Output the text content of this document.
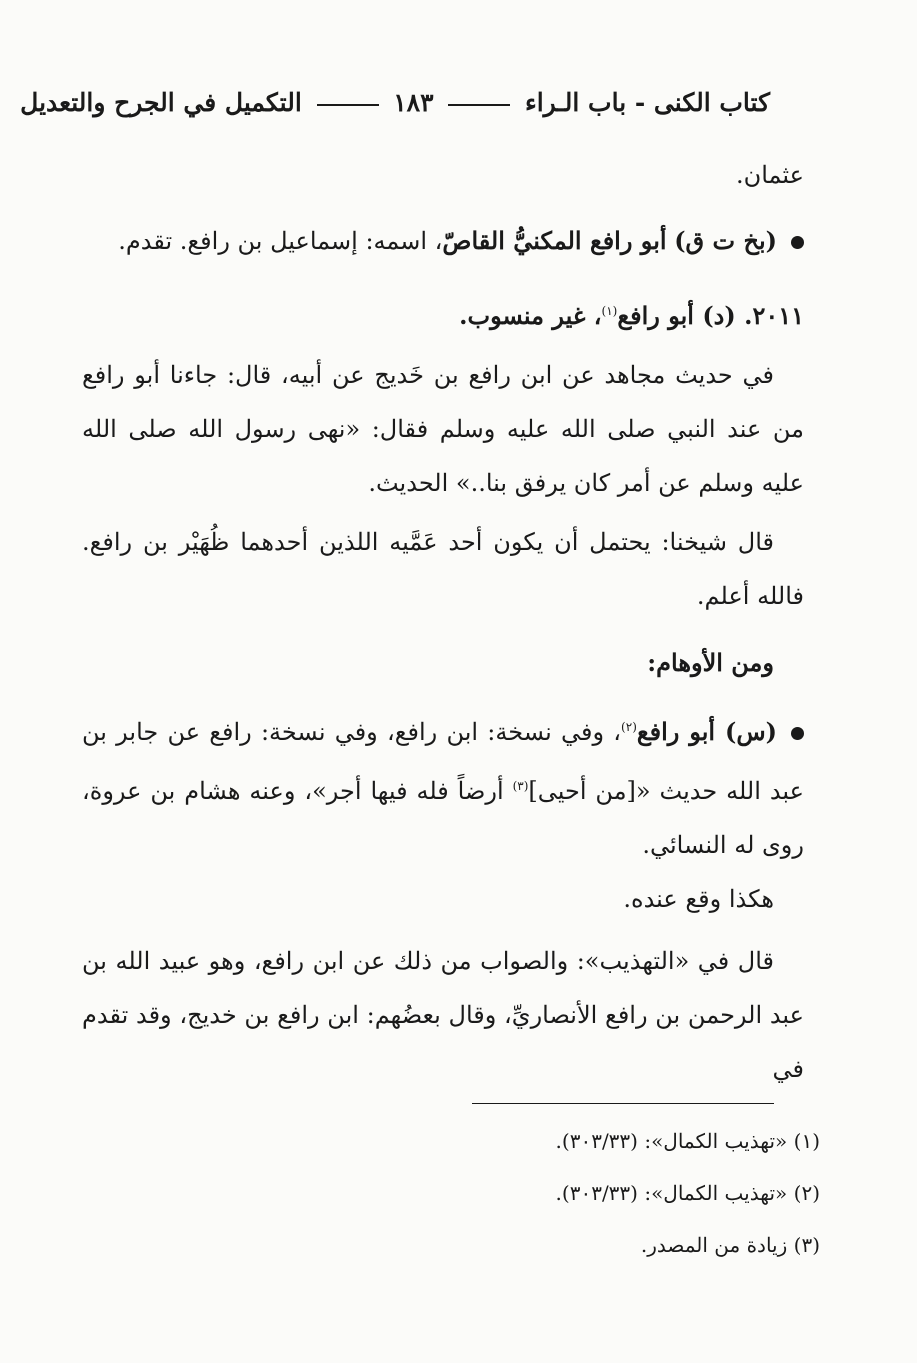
كتاب الكنى - باب الـراء  ١٨٣  التكميل في الجرح والتعديل
عثمان.
(بخ ت ق) أبو رافع المكنيُّ القاصّ، اسمه: إسماعيل بن رافع. تقدم.
٢٠١١. (د) أبو رافع$^{(١)}$، غير منسوب.
في حديث مجاهد عن ابن رافع بن خَديج عن أبيه، قال: جاءنا أبو رافع من عند النبي صلى الله عليه وسلم فقال: «نهى رسول الله صلى الله عليه وسلم عن أمر كان يرفق بنا..» الحديث.
قال شيخنا: يحتمل أن يكون أحد عَمَّيه اللذين أحدهما ظُهَيْر بن رافع. فالله أعلم.
ومن الأوهام:
(س) أبو رافع$^{(٢)}$، وفي نسخة: ابن رافع، وفي نسخة: رافع عن جابر بن عبد الله حديث «[من أحيى]$^{(٣)}$ أرضاً فله فيها أجر»، وعنه هشام بن عروة، روى له النسائي.
هكذا وقع عنده.
قال في «التهذيب»: والصواب من ذلك عن ابن رافع، وهو عبيد الله بن عبد الرحمن بن رافع الأنصاريِّ، وقال بعضُهم: ابن رافع بن خديج، وقد تقدم في
(١) «تهذيب الكمال»: (٣٠٣/٣٣).
(٢) «تهذيب الكمال»: (٣٠٣/٣٣).
(٣) زيادة من المصدر.
